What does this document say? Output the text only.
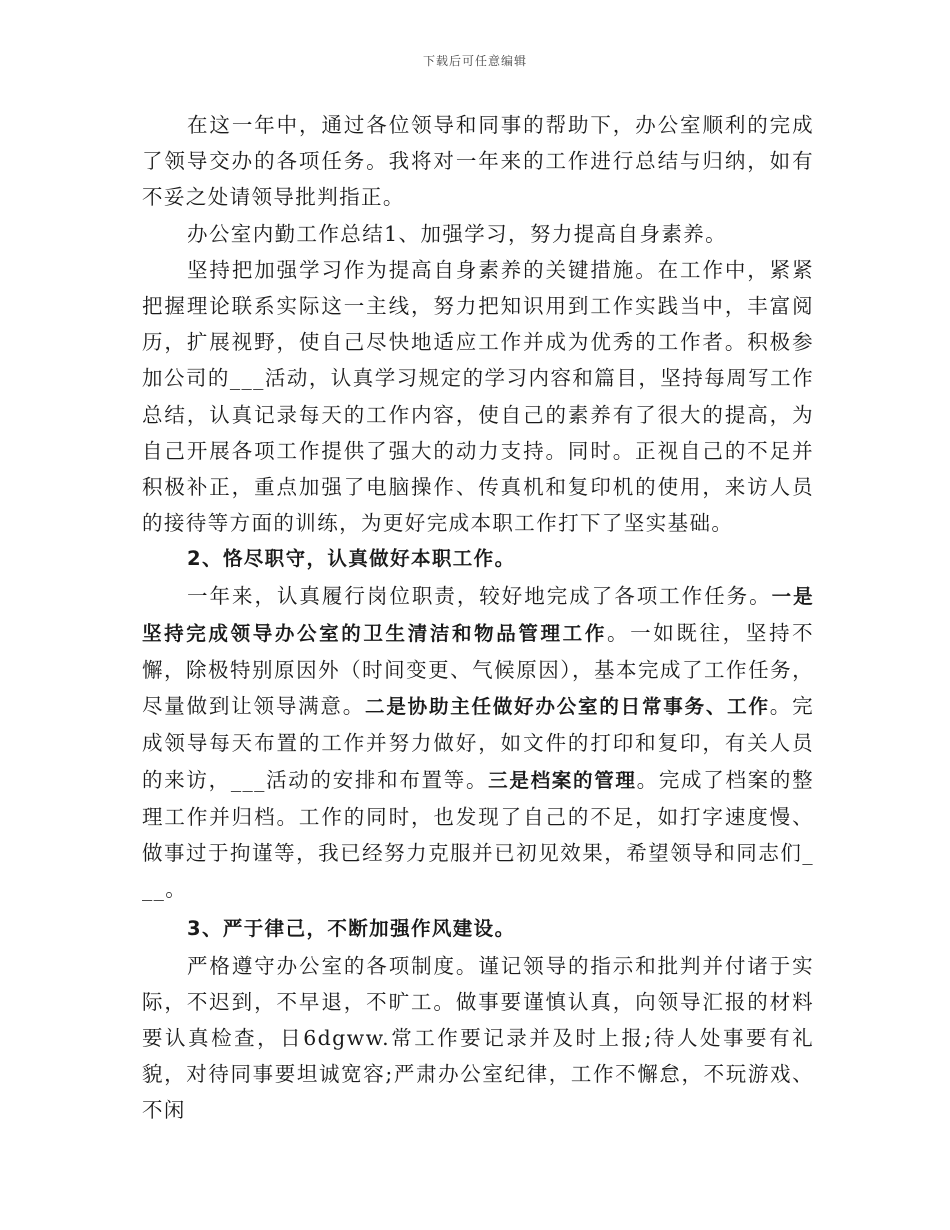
下载后可任意编辑

在这一年中，通过各位领导和同事的帮助下，办公室顺利的完成了领导交办的各项任务。我将对一年来的工作进行总结与归纳，如有不妥之处请领导批判指正。

办公室内勤工作总结1、加强学习，努力提高自身素养。

坚持把加强学习作为提高自身素养的关键措施。在工作中，紧紧把握理论联系实际这一主线，努力把知识用到工作实践当中，丰富阅历，扩展视野，使自己尽快地适应工作并成为优秀的工作者。积极参加公司的___活动，认真学习规定的学习内容和篇目，坚持每周写工作总结，认真记录每天的工作内容，使自己的素养有了很大的提高，为自己开展各项工作提供了强大的动力支持。同时。正视自己的不足并积极补正，重点加强了电脑操作、传真机和复印机的使用，来访人员的接待等方面的训练，为更好完成本职工作打下了坚实基础。

2、恪尽职守，认真做好本职工作。

一年来，认真履行岗位职责，较好地完成了各项工作任务。一是坚持完成领导办公室的卫生清洁和物品管理工作。一如既往，坚持不懈，除极特别原因外（时间变更、气候原因），基本完成了工作任务，尽量做到让领导满意。二是协助主任做好办公室的日常事务、工作。完成领导每天布置的工作并努力做好，如文件的打印和复印，有关人员的来访，___活动的安排和布置等。三是档案的管理。完成了档案的整理工作并归档。工作的同时，也发现了自己的不足，如打字速度慢、做事过于拘谨等，我已经努力克服并已初见效果，希望领导和同志们___。

3、严于律己，不断加强作风建设。

严格遵守办公室的各项制度。谨记领导的指示和批判并付诸于实际，不迟到，不早退，不旷工。做事要谨慎认真，向领导汇报的材料要认真检查，日6dgww.常工作要记录并及时上报;待人处事要有礼貌，对待同事要坦诚宽容;严肃办公室纪律，工作不懈怠，不玩游戏、不闲
